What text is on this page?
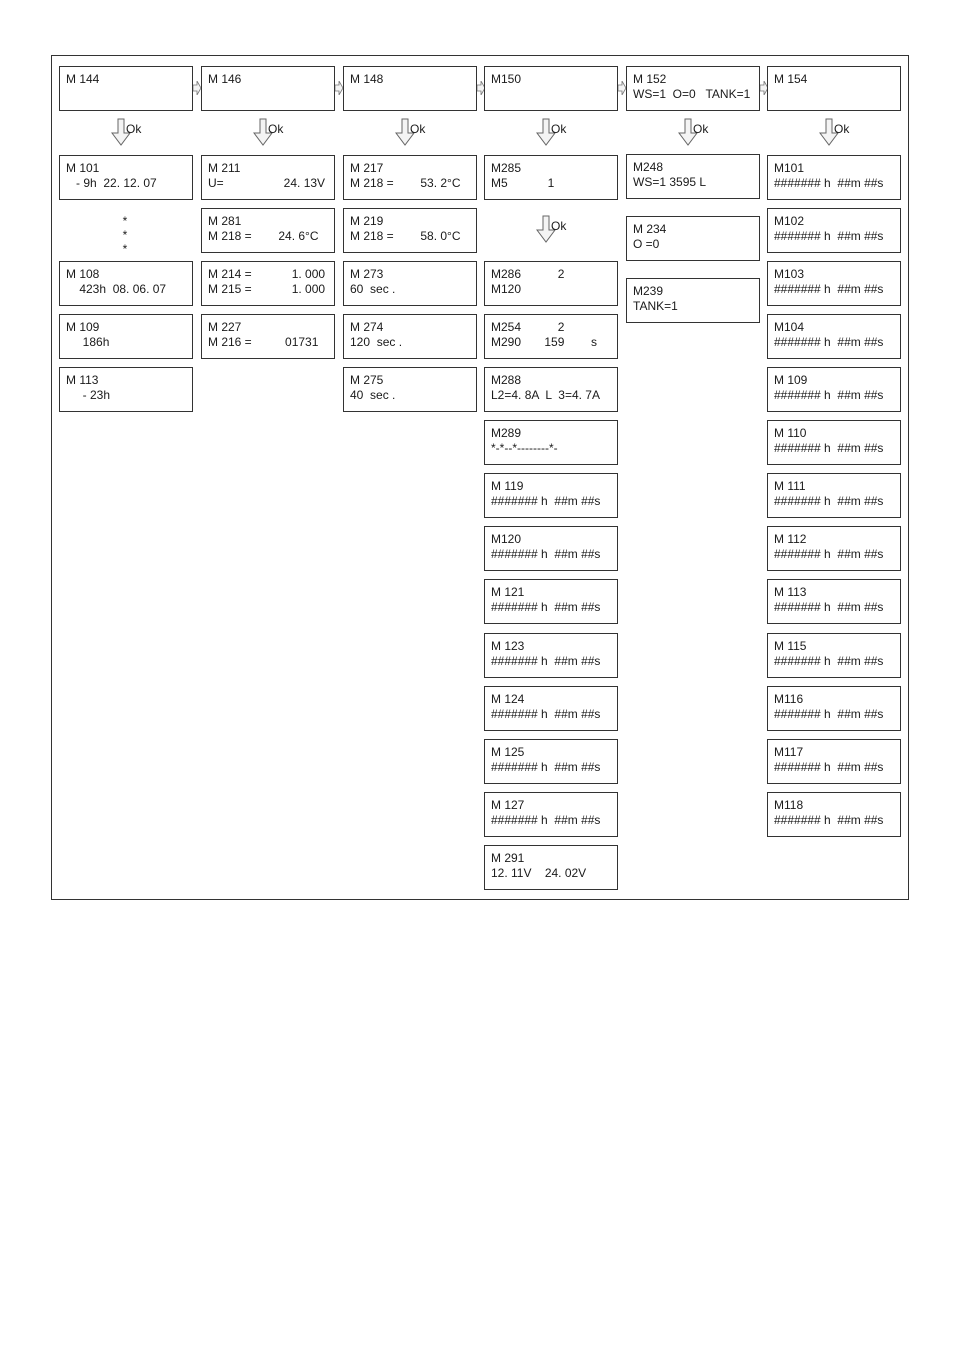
M 144
Ok
M 101
- 9h  22. 12. 07
M 108
423h  08. 06. 07
M 109
186h
M 113
- 23h
M 146
Ok
M 211
U=                  24. 13V
M 281
M 218 =        24. 6°C
M 214 =            1. 000
M 215 =            1. 000
M 227
M 216 =          01731
M 148
Ok
M 217
M 218 =        53. 2°C
M 219
M 218 =        58. 0°C
M 273
60  sec .
M 274
120  sec .
M 275
40  sec .
M150
Ok
M285
M5            1
M286           2
M120
M254           2
M290       159        s
M288
L2=4. 8A  L  3=4. 7A
M289
*-*--*--------*-
M 119
####### h  ##m ##s
M120
####### h  ##m ##s
M 121
####### h  ##m ##s
M 123
####### h  ##m ##s
M 124
####### h  ##m ##s
M 125
####### h  ##m ##s
M 127
####### h  ##m ##s
M 291
12. 11V    24. 02V
M 152
WS=1  O=0   TANK=1
Ok
M248
WS=1 3595 L
M 234
O =0
M239
TANK=1
M 154
Ok
M101
####### h  ##m ##s
M102
####### h  ##m ##s
M103
####### h  ##m ##s
M104
####### h  ##m ##s
M 109
####### h  ##m ##s
M 110
####### h  ##m ##s
M 111
####### h  ##m ##s
M 112
####### h  ##m ##s
M 113
####### h  ##m ##s
M 115
####### h  ##m ##s
M116
####### h  ##m ##s
M117
####### h  ##m ##s
M118
####### h  ##m ##s
Ok
*
*
*
